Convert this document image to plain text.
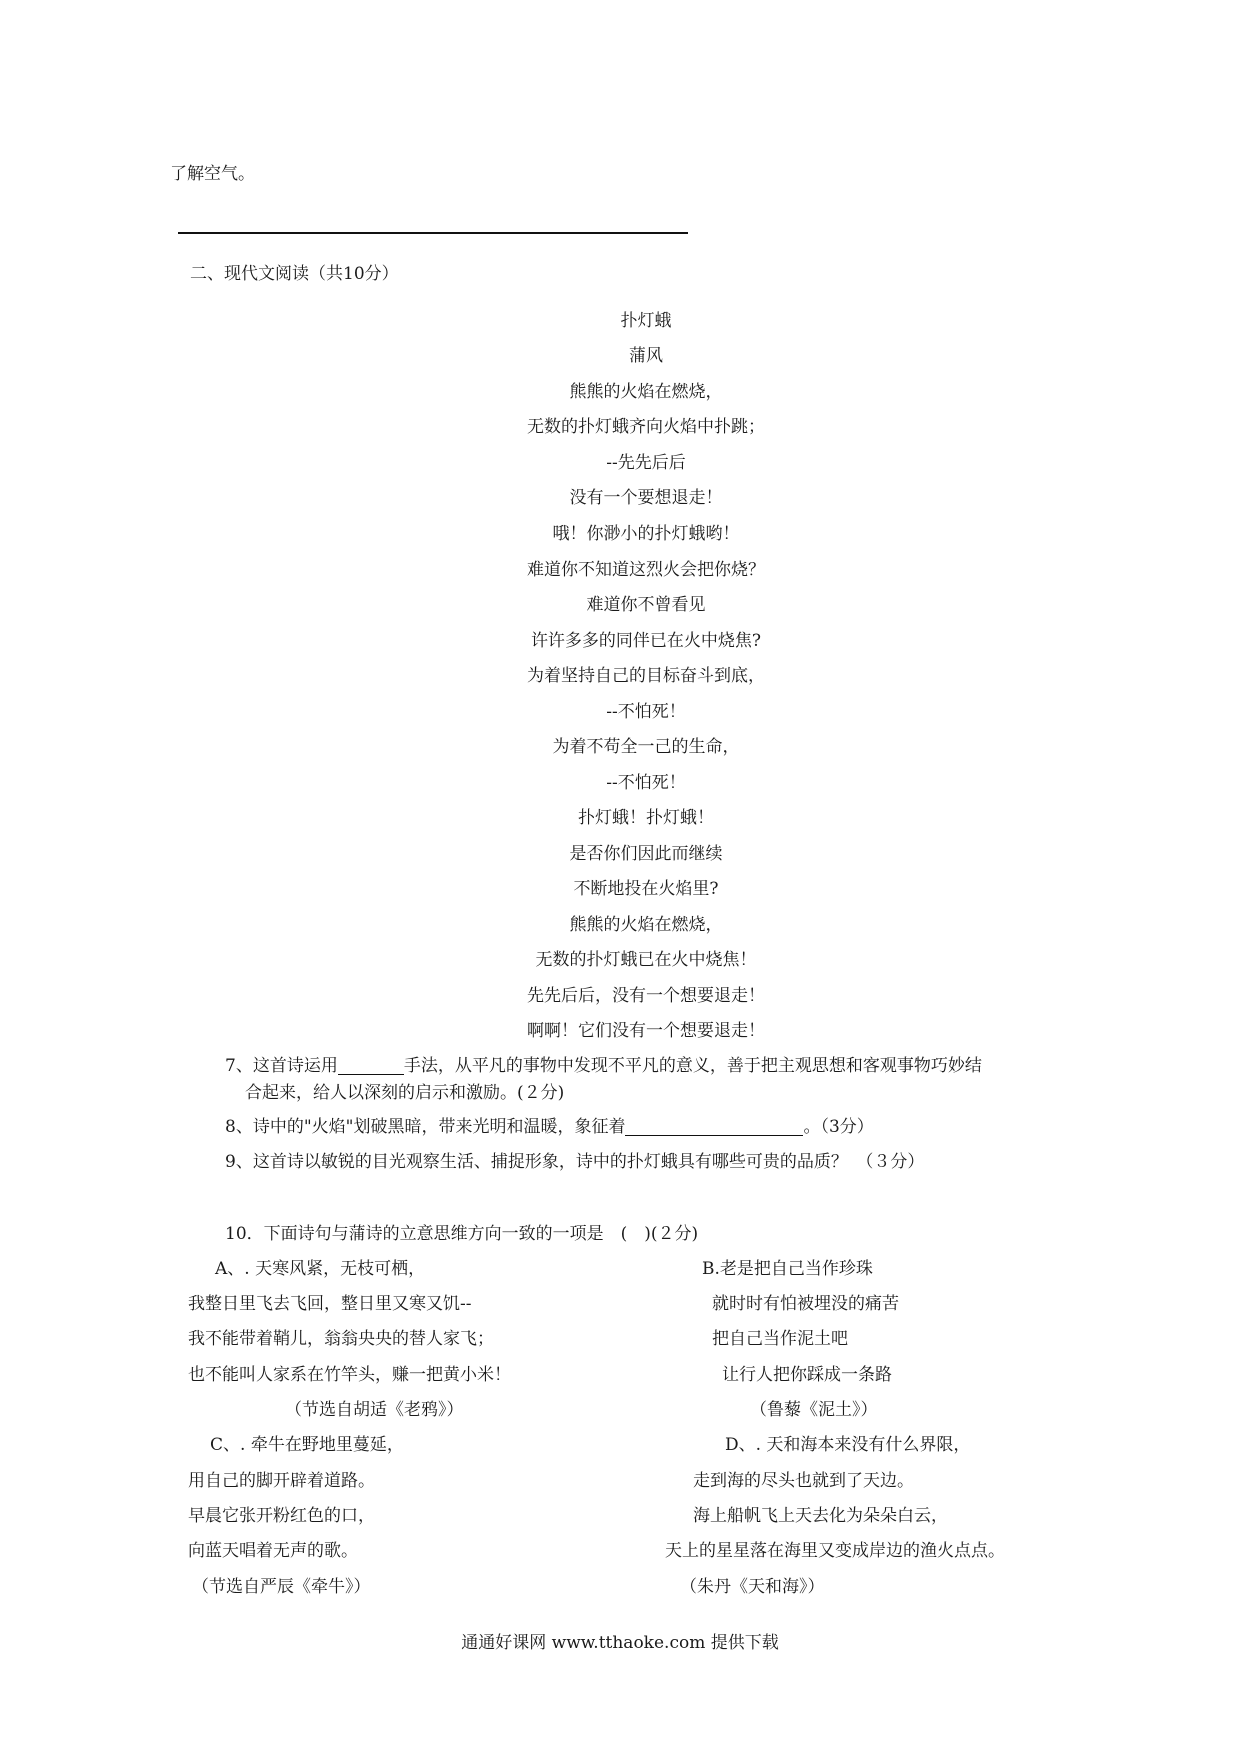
了解空气。
二、现代文阅读（共10分）
扑灯蛾
蒲风
熊熊的火焰在燃烧，
无数的扑灯蛾齐向火焰中扑跳；
--先先后后
没有一个要想退走！
哦！你渺小的扑灯蛾哟！
难道你不知道这烈火会把你烧？
难道你不曾看见
许许多多的同伴已在火中烧焦?
为着坚持自己的目标奋斗到底，
--不怕死！
为着不苟全一己的生命，
--不怕死！
扑灯蛾！扑灯蛾！
是否你们因此而继续
不断地投在火焰里?
熊熊的火焰在燃烧，
无数的扑灯蛾已在火中烧焦！
先先后后，没有一个想要退走！
啊啊！它们没有一个想要退走！
7、这首诗运用	手法，从平凡的事物中发现不平凡的意义，善于把主观思想和客观事物巧妙结
合起来，给人以深刻的启示和激励。(２分)
8、诗中的"火焰"划破黑暗，带来光明和温暖，象征着	。（3分）
9、这首诗以敏锐的目光观察生活、捕捉形象，诗中的扑灯蛾具有哪些可贵的品质？　（３分）
10．下面诗句与蒲诗的立意思维方向一致的一项是　(　)(２分)
A、. 天寒风紧，无枝可栖，
我整日里飞去飞回，整日里又寒又饥--
我不能带着鞘儿，翁翁央央的替人家飞；
也不能叫人家系在竹竿头，赚一把黄小米！
（节选自胡适《老鸦》）
B.老是把自己当作珍珠
就时时有怕被埋没的痛苦
把自己当作泥土吧
让行人把你踩成一条路
（鲁藜《泥土》）
C、. 牵牛在野地里蔓延，
用自己的脚开辟着道路。
早晨它张开粉红色的口，
向蓝天唱着无声的歌。
（节选自严辰《牵牛》）
D、. 天和海本来没有什么界限，
走到海的尽头也就到了天边。
海上船帆飞上天去化为朵朵白云，
天上的星星落在海里又变成岸边的渔火点点。
（朱丹《天和海》）
通通好课网 www.tthaoke.com 提供下载
